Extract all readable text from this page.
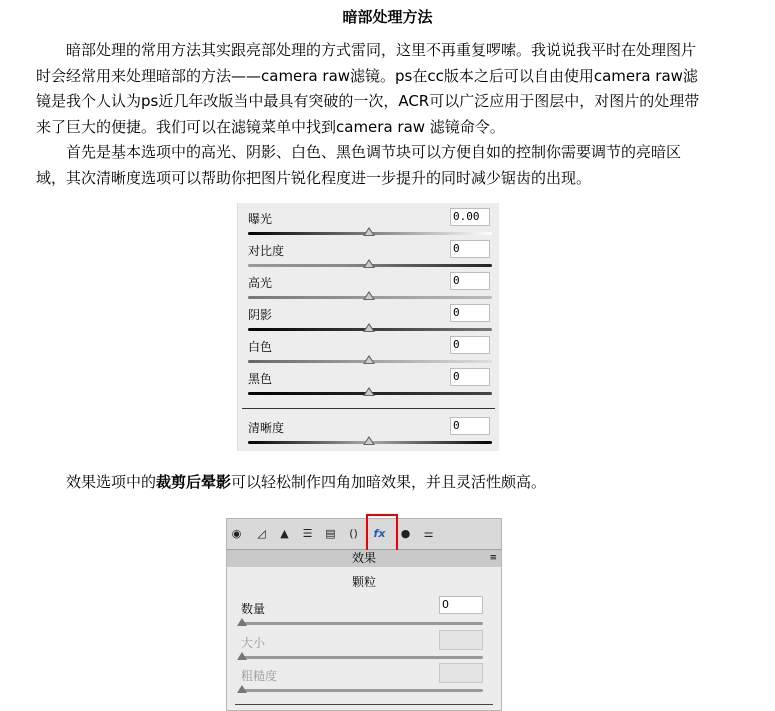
暗部处理方法

暗部处理的常用方法其实跟亮部处理的方式雷同，这里不再重复啰嗦。我说说我平时在处理图片时会经常用来处理暗部的方法——camera raw滤镜。ps在cc版本之后可以自由使用camera raw滤镜是我个人认为ps近几年改版当中最具有突破的一次，ACR可以广泛应用于图层中，对图片的处理带来了巨大的便捷。我们可以在滤镜菜单中找到camera raw 滤镜命令。

首先是基本选项中的高光、阴影、白色、黑色调节块可以方便自如的控制你需要调节的亮暗区域，其次清晰度选项可以帮助你把图片锐化程度进一步提升的同时减少锯齿的出现。

曝光	0.00
对比度	0
高光	0
阴影	0
白色	0
黑色	0
清晰度	0

效果选项中的裁剪后晕影可以轻松制作四角加暗效果，并且灵活性颇高。

◉	◿	▲	☰	▤	()	fx	●	⚌
效果	≡
颗粒
数量	0
大小
粗糙度
